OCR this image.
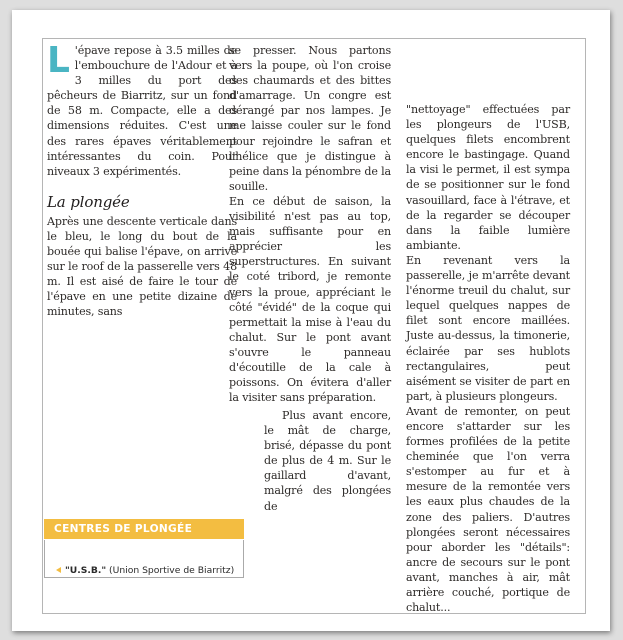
L 'épave repose à 3.5 milles de l'embouchure de l'Adour et à 3 milles du port des pêcheurs de Biarritz, sur un fond de 58 m. Compacte, elle a des dimensions réduites. C'est une des rares épaves véritablement intéressantes du coin. Pour niveaux 3 expérimentés.

La plongée

Après une descente verticale dans le bleu, le long du bout de la bouée qui balise l'épave, on arrive sur le roof de la passerelle vers 48 m. Il est aisé de faire le tour de l'épave en une petite dizaine de minutes, sans

se presser. Nous partons vers la poupe, où l'on croise des chaumards et des bittes d'amarrage. Un congre est dérangé par nos lampes. Je me laisse couler sur le fond pour rejoindre le safran et l'hélice que je distingue à peine dans la pénombre de la souille.

En ce début de saison, la visibilité n'est pas au top, mais suffisante pour en apprécier les superstructures. En suivant le coté tribord, je remonte vers la proue, appréciant le côté "évidé" de la coque qui permettait la mise à l'eau du chalut. Sur le pont avant s'ouvre le panneau d'écoutille de la cale à poissons. On évitera d'aller la visiter sans préparation.

Plus avant encore, le mât de charge, brisé, dépasse du pont de plus de 4 m. Sur le gaillard d'avant, malgré des plongées de

"nettoyage" effectuées par les plongeurs de l'USB, quelques filets encombrent encore le bastingage. Quand la visi le permet, il est sympa de se positionner sur le fond vasouillard, face à l'étrave, et de la regarder se découper dans la faible lumière ambiante.

En revenant vers la passerelle, je m'arrête devant l'énorme treuil du chalut, sur lequel quelques nappes de filet sont encore maillées. Juste au-dessus, la timonerie, éclairée par ses hublots rectangulaires, peut aisément se visiter de part en part, à plusieurs plongeurs.

Avant de remonter, on peut encore s'attarder sur les formes profilées de la petite cheminée que l'on verra s'estomper au fur et à mesure de la remontée vers les eaux plus chaudes de la zone des paliers. D'autres plongées seront nécessaires pour aborder les "détails": ancre de secours sur le pont avant, manches à air, mât arrière couché, portique de chalut...

CENTRES DE PLONGÉE
"U.S.B." (Union Sportive de Biarritz)
